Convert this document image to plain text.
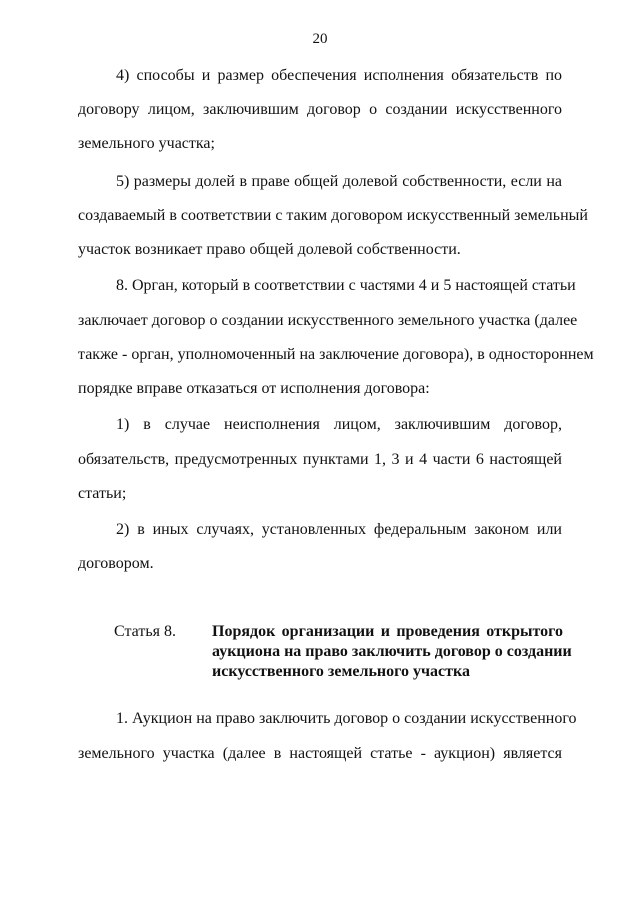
20
4) способы и размер обеспечения исполнения обязательств по
договору лицом, заключившим договор о создании искусственного
земельного участка;
5) размеры долей в праве общей долевой собственности, если на
создаваемый в соответствии с таким договором искусственный земельный
участок возникает право общей долевой собственности.
8. Орган, который в соответствии с частями 4 и 5 настоящей статьи
заключает договор о создании искусственного земельного участка (далее
также - орган, уполномоченный на заключение договора), в одностороннем
порядке вправе отказаться от исполнения договора:
1) в случае неисполнения лицом, заключившим договор,
обязательств, предусмотренных пунктами 1, 3 и 4 части 6 настоящей
статьи;
2) в иных случаях, установленных федеральным законом или
договором.
Статья 8. Порядок организации и проведения открытого
аукциона на право заключить договор о создании
искусственного земельного участка
1. Аукцион на право заключить договор о создании искусственного
земельного участка (далее в настоящей статье - аукцион) является
